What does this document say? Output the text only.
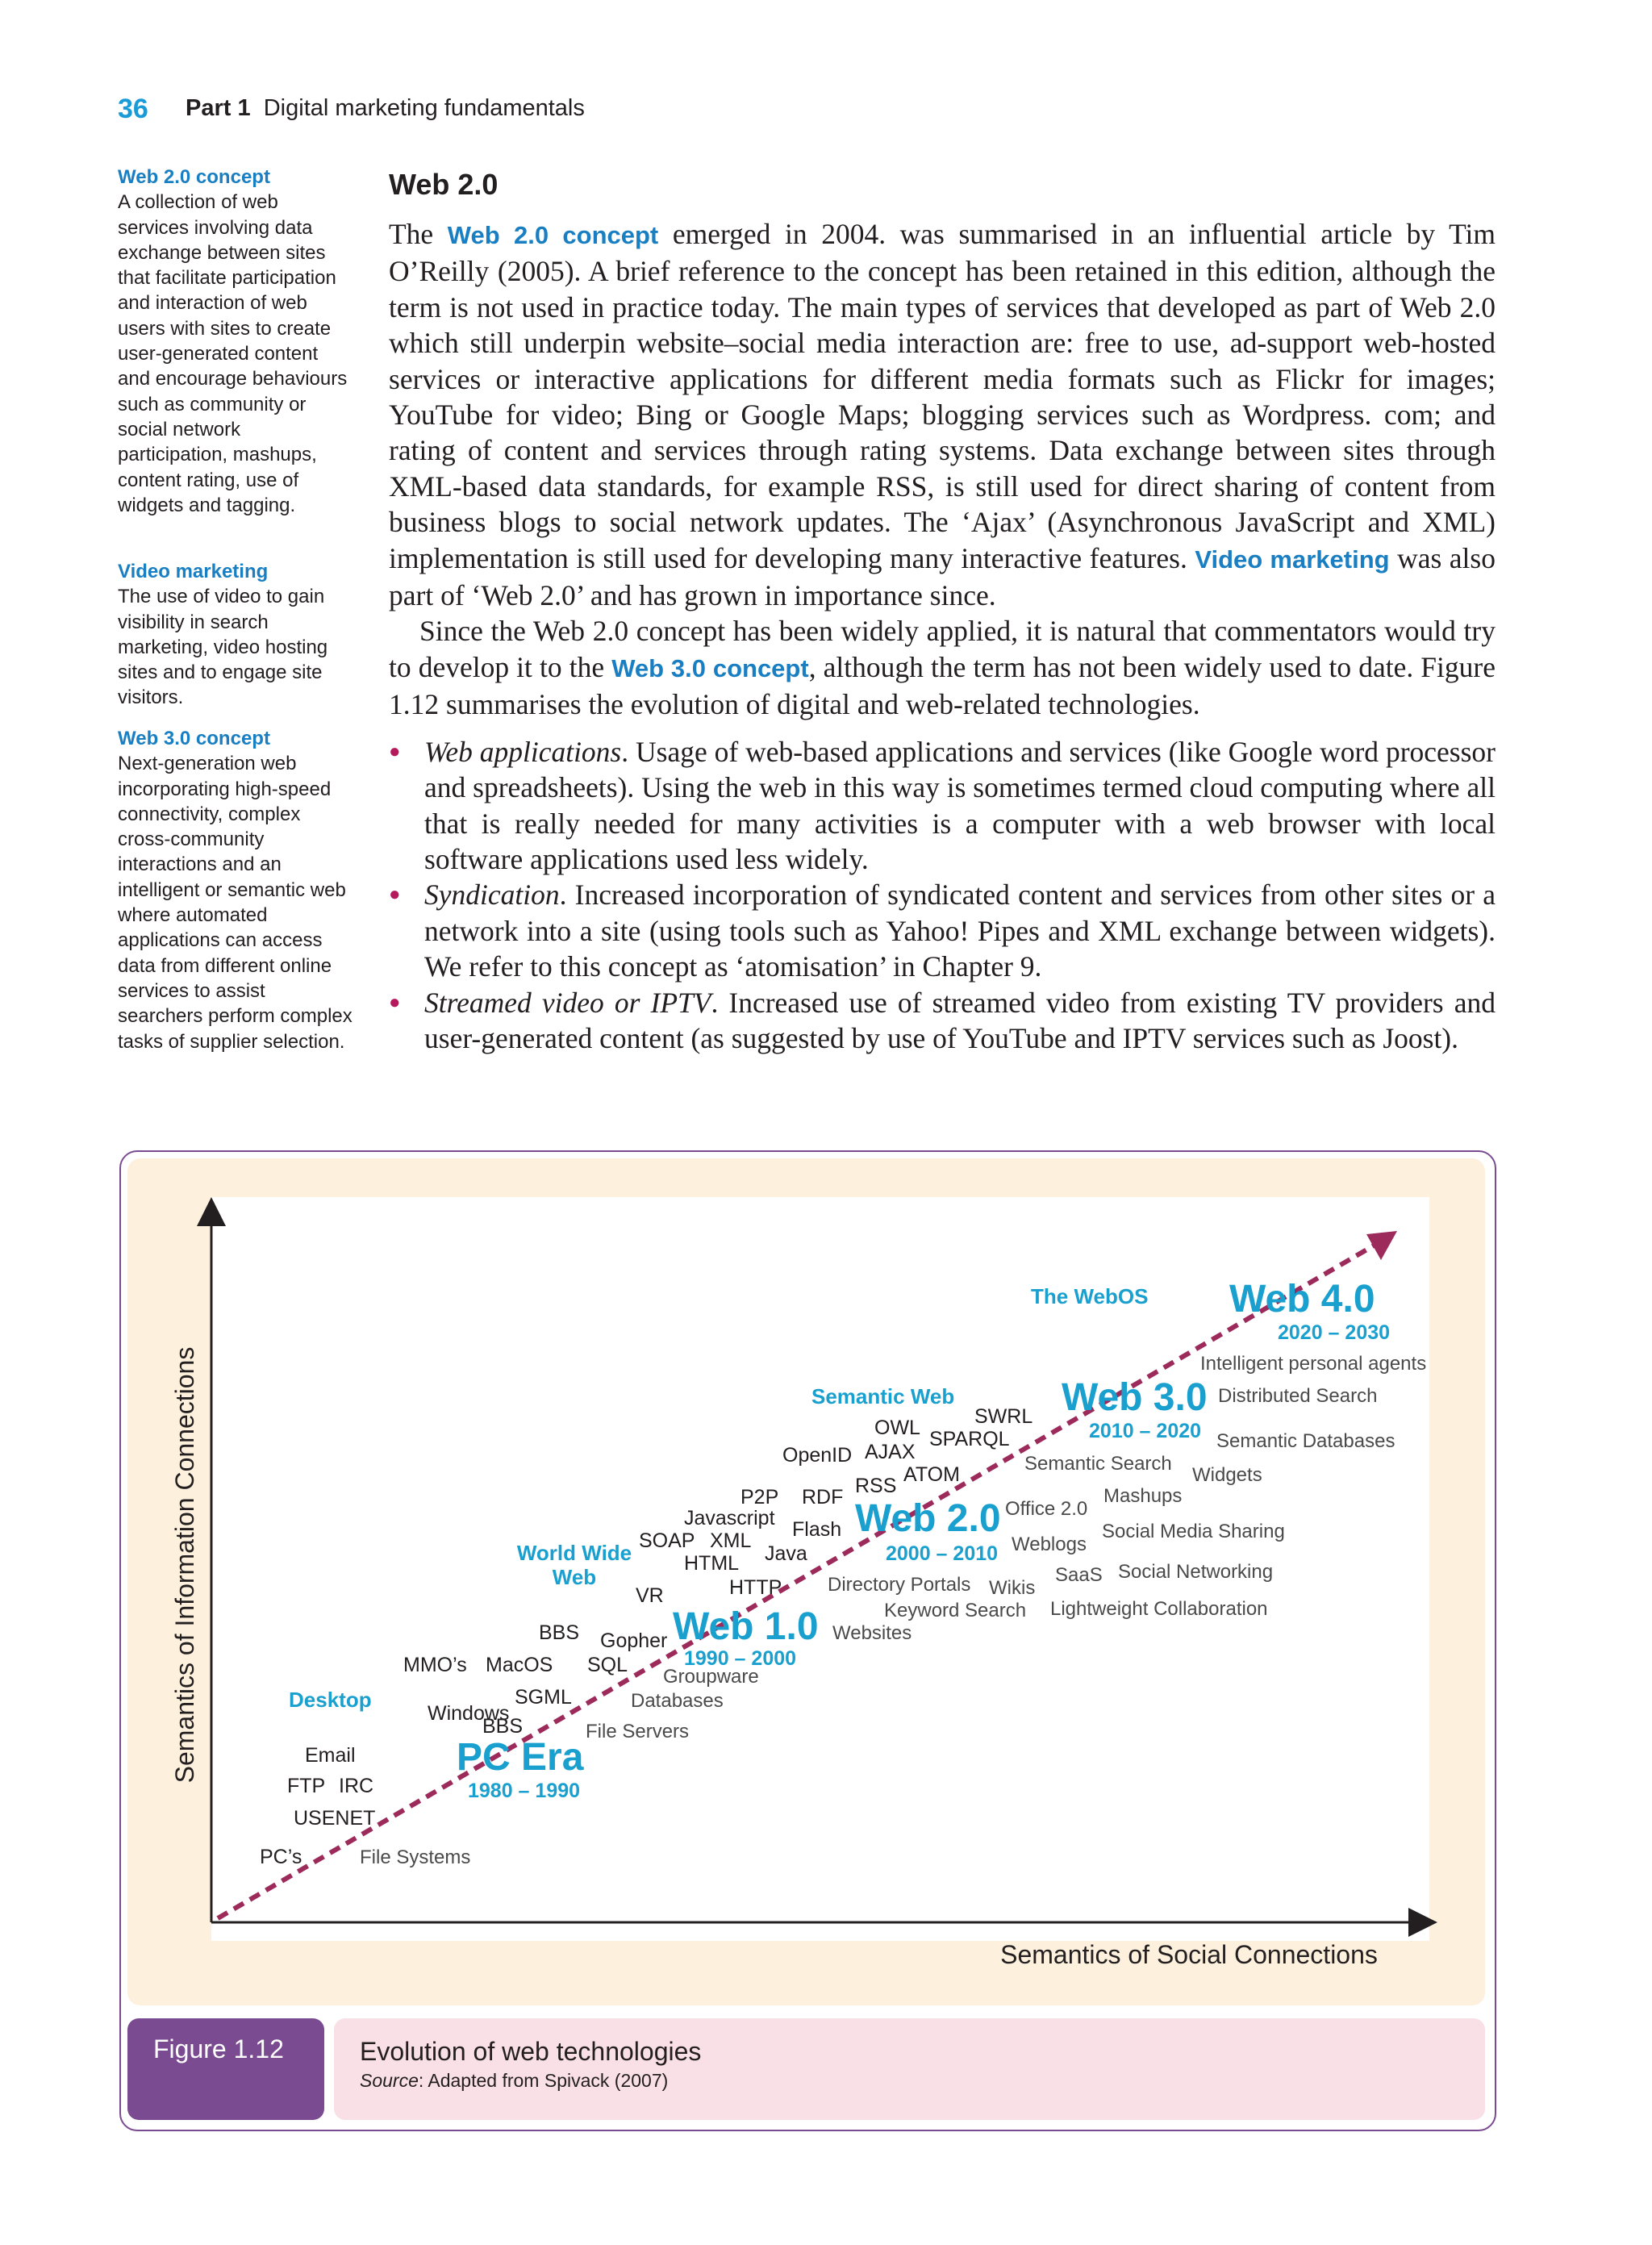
36 Part 1 Digital marketing fundamentals
Web 2.0 concept
A collection of web services involving data exchange between sites that facilitate participation and interaction of web users with sites to create user-generated content and encourage behaviours such as community or social network participation, mashups, content rating, use of widgets and tagging.
Video marketing
The use of video to gain visibility in search marketing, video hosting sites and to engage site visitors.
Web 3.0 concept
Next-generation web incorporating high-speed connectivity, complex cross-community interactions and an intelligent or semantic web where automated applications can access data from different online services to assist searchers perform complex tasks of supplier selection.
Web 2.0

The Web 2.0 concept emerged in 2004. was summarised in an influential article by Tim O’Reilly (2005). A brief reference to the concept has been retained in this edition, although the term is not used in practice today. The main types of services that developed as part of Web 2.0 which still underpin website–social media interaction are: free to use, ad-support web-hosted services or interactive applications for different media formats such as Flickr for images; YouTube for video; Bing or Google Maps; blogging services such as Wordpress. com; and rating of content and services through rating systems. Data exchange between sites through XML-based data standards, for example RSS, is still used for direct sharing of content from business blogs to social network updates. The ‘Ajax’ (Asynchronous JavaScript and XML) implementation is still used for developing many interactive features. Video marketing was also part of ‘Web 2.0’ and has grown in importance since.

Since the Web 2.0 concept has been widely applied, it is natural that commentators would try to develop it to the Web 3.0 concept, although the term has not been widely used to date. Figure 1.12 summarises the evolution of digital and web-related technologies.

● Web applications. Usage of web-based applications and services (like Google word processor and spreadsheets). Using the web in this way is sometimes termed cloud computing where all that is really needed for many activities is a computer with a web browser with local software applications used less widely.
● Syndication. Increased incorporation of syndicated content and services from other sites or a network into a site (using tools such as Yahoo! Pipes and XML exchange between widgets). We refer to this concept as ‘atomisation’ in Chapter 9.
● Streamed video or IPTV. Increased use of streamed video from existing TV providers and user-generated content (as suggested by use of YouTube and IPTV services such as Joost).
Semantics of Social Connections
Semantics of Information Connections	Desktop
World Wide Web
Semantic Web
The WebOS
PC Era
1980 – 1990
Web 1.0
1990 – 2000
Web 2.0
2000 – 2010
Web 3.0
2010 – 2020
Web 4.0
2020 – 2030
PC’s
USENET
FTP IRC
Email
Windows
BBS
SGML
MMO’s MacOS SQL
BBS Gopher
VR
SOAP XML
HTML
HTTP
Java
Javascript Flash
P2P RDF RSS ATOM
OpenID AJAX
OWL SPARQL
SWRL
File Systems
File Servers
Databases
Groupware
Websites
Keyword Search
Directory Portals Wikis
Weblogs
Office 2.0
Lightweight Collaboration
SaaS Social Networking
Social Media Sharing
Mashups
Widgets
Semantic Search
Semantic Databases
Distributed Search
Intelligent personal agents
Figure 1.12	Evolution of web technologies
Source: Adapted from Spivack (2007)
